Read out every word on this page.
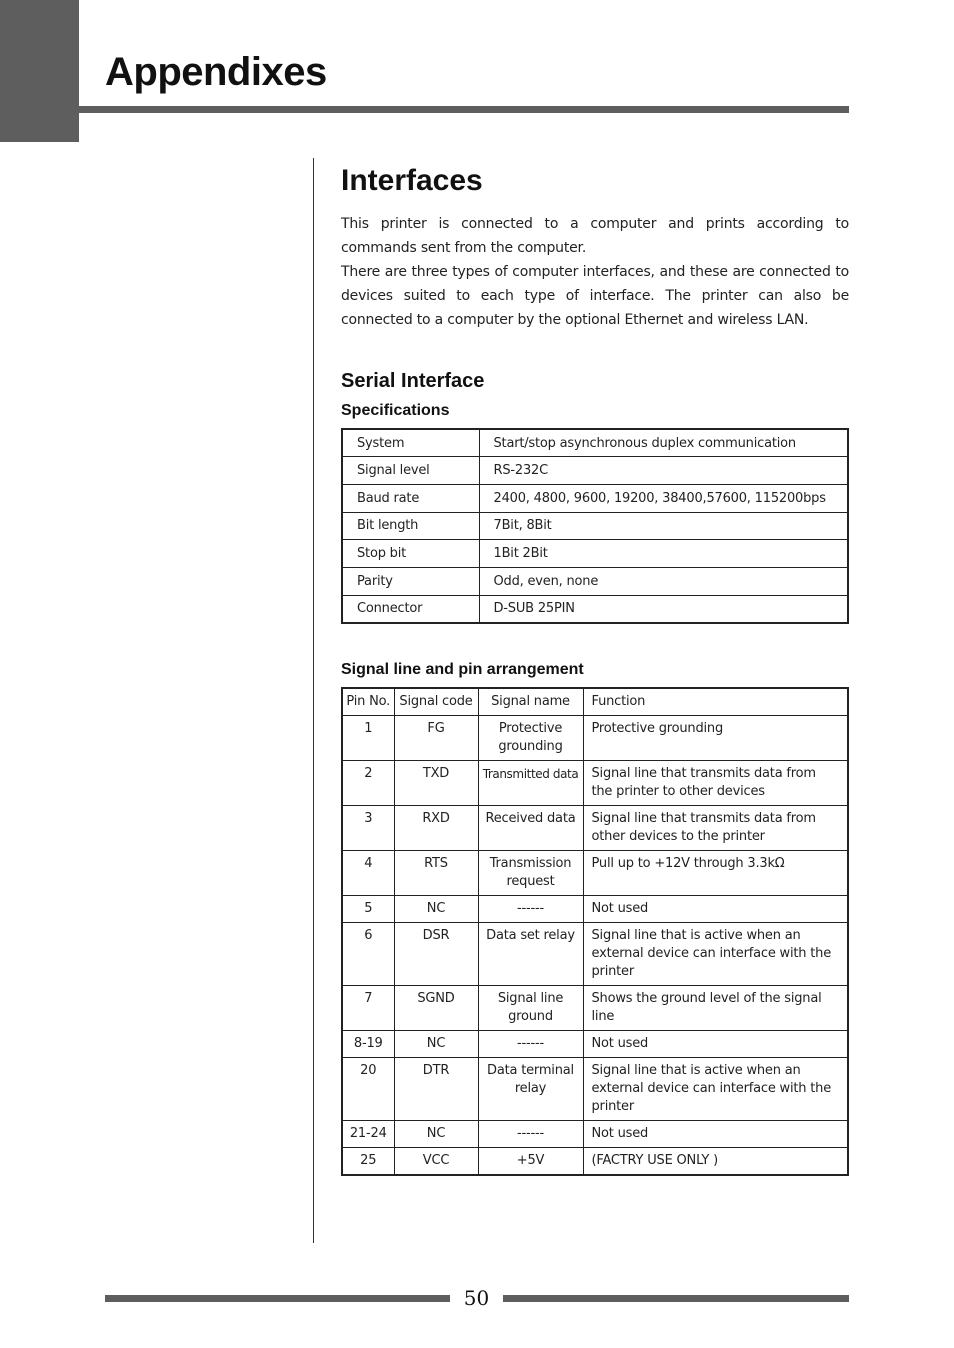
Appendixes
Interfaces

This printer is connected to a computer and prints according to commands sent from the computer.

There are three types of computer interfaces, and these are connected to devices suited to each type of interface. The printer can also be connected to a computer by the optional Ethernet and wireless LAN.

Serial Interface
Specifications
System	Start/stop asynchronous duplex communication
Signal level	RS-232C
Baud rate	2400, 4800, 9600, 19200, 38400,57600, 115200bps
Bit length	7Bit, 8Bit
Stop bit	1Bit 2Bit
Parity	Odd, even, none
Connector	D-SUB 25PIN
Signal line and pin arrangement
Pin No.	Signal code	Signal name	Function
1	FG	Protective grounding	Protective grounding
2	TXD	Transmitted data	Signal line that transmits data from the printer to other devices
3	RXD	Received data	Signal line that transmits data from other devices to the printer
4	RTS	Transmission request	Pull up to +12V through 3.3kΩ
5	NC	------	Not used
6	DSR	Data set relay	Signal line that is active when an external device can interface with the printer
7	SGND	Signal line ground	Shows the ground level of the signal line
8-19	NC	------	Not used
20	DTR	Data terminal relay	Signal line that is active when an external device can interface with the printer
21-24	NC	------	Not used
25	VCC	+5V	(FACTRY USE ONLY )
50
